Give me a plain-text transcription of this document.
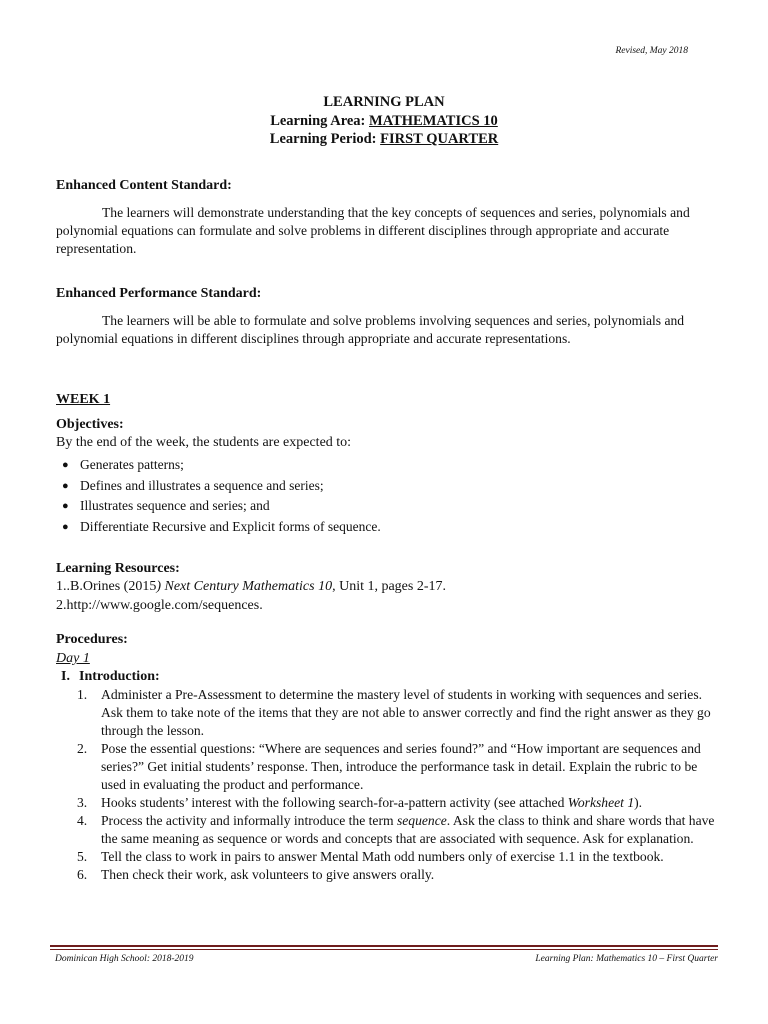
Revised, May 2018
LEARNING PLAN
Learning Area: MATHEMATICS 10
Learning Period: FIRST QUARTER
Enhanced Content Standard:
The learners will demonstrate understanding that the key concepts of sequences and series, polynomials and polynomial equations can formulate and solve problems in different disciplines through appropriate and accurate representation.
Enhanced Performance Standard:
The learners will be able to formulate and solve problems involving sequences and series, polynomials and polynomial equations in different disciplines through appropriate and accurate representations.
WEEK 1
Objectives:
By the end of the week, the students are expected to:
● Generates patterns;
● Defines and illustrates a sequence and series;
● Illustrates sequence and series; and
● Differentiate Recursive and Explicit forms of sequence.
Learning Resources:
1..B.Orines (2015) Next Century Mathematics 10, Unit 1, pages 2-17.
2.http://www.google.com/sequences.
Procedures:
Day 1
I. Introduction:
1.	Administer a Pre-Assessment to determine the mastery level of students in working with sequences and series. Ask them to take note of the items that they are not able to answer correctly and find the right answer as they go through the lesson.
2.	Pose the essential questions: “Where are sequences and series found?” and “How important are sequences and series?” Get initial students’ response. Then, introduce the performance task in detail. Explain the rubric to be used in evaluating the product and performance.
3.	Hooks students’ interest with the following search-for-a-pattern activity (see attached Worksheet 1).
4.	Process the activity and informally introduce the term sequence. Ask the class to think and share words that have the same meaning as sequence or words and concepts that are associated with sequence. Ask for explanation.
5.	Tell the class to work in pairs to answer Mental Math odd numbers only of exercise 1.1 in the textbook.
6.	Then check their work, ask volunteers to give answers orally.
Dominican High School: 2018-2019	Learning Plan: Mathematics 10 – First Quarter
